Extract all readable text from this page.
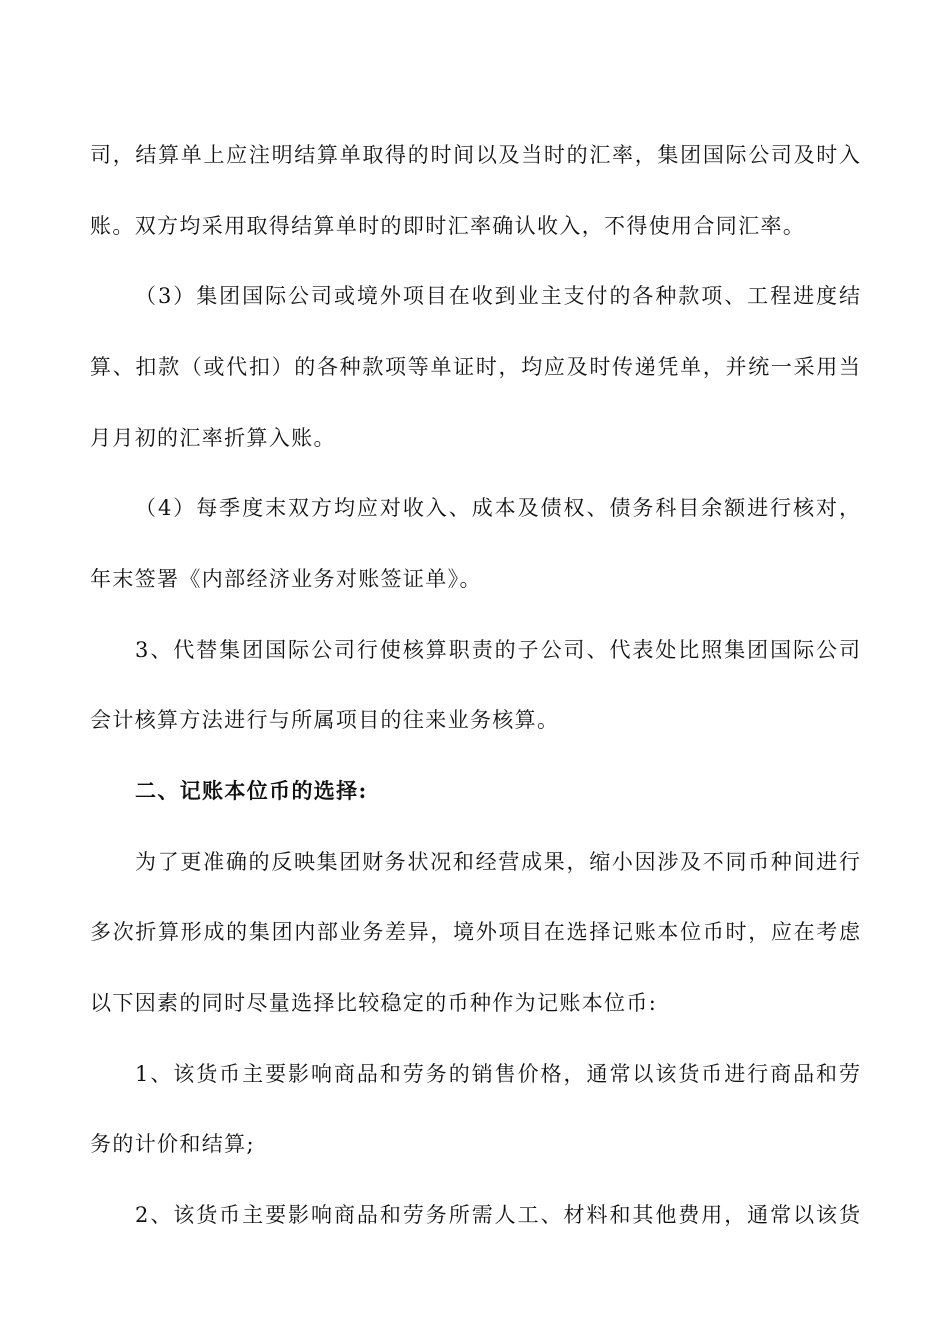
司，结算单上应注明结算单取得的时间以及当时的汇率，集团国际公司及时入
账。双方均采用取得结算单时的即时汇率确认收入，不得使用合同汇率。
（3）集团国际公司或境外项目在收到业主支付的各种款项、工程进度结
算、扣款（或代扣）的各种款项等单证时，均应及时传递凭单，并统一采用当
月月初的汇率折算入账。
（4）每季度末双方均应对收入、成本及债权、债务科目余额进行核对，
年末签署《内部经济业务对账签证单》。
3、代替集团国际公司行使核算职责的子公司、代表处比照集团国际公司
会计核算方法进行与所属项目的往来业务核算。
二、记账本位币的选择:
为了更准确的反映集团财务状况和经营成果，缩小因涉及不同币种间进行
多次折算形成的集团内部业务差异，境外项目在选择记账本位币时，应在考虑
以下因素的同时尽量选择比较稳定的币种作为记账本位币:
1、该货币主要影响商品和劳务的销售价格，通常以该货币进行商品和劳
务的计价和结算;
2、该货币主要影响商品和劳务所需人工、材料和其他费用，通常以该货
